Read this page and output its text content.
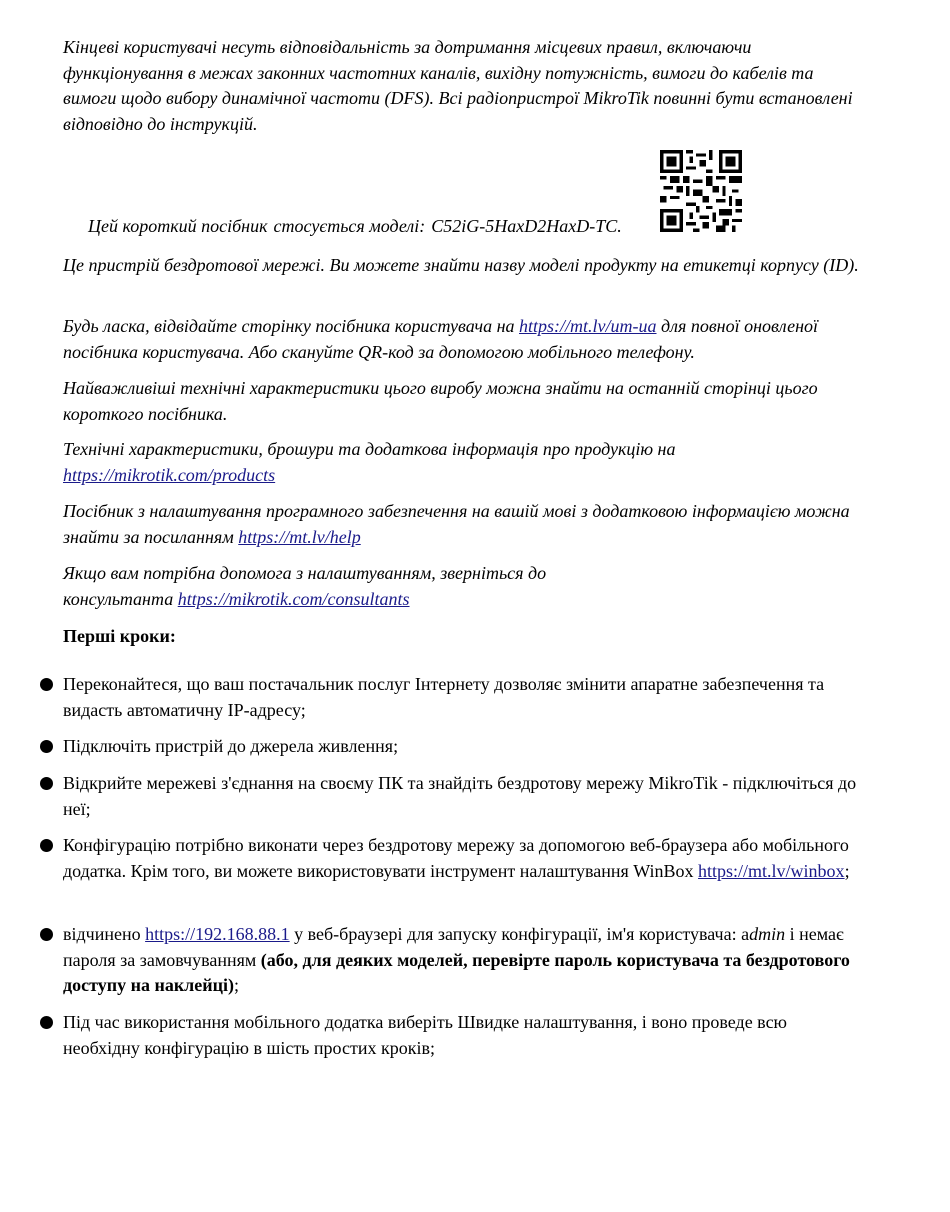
Кінцеві користувачі несуть відповідальність за дотримання місцевих правил, включаючи функціонування в межах законних частотних каналів, вихідну потужність, вимоги до кабелів та вимоги щодо вибору динамічної частоти (DFS). Всі радіопристрої MikroTik повинні бути встановлені відповідно до інструкцій.

Цей короткий посібник стосується моделі: C52iG-5HaxD2HaxD-TC.

Це пристрій бездротової мережі. Ви можете знайти назву моделі продукту на етикетці корпусу (ID).

Будь ласка, відвідайте сторінку посібника користувача на https://mt.lv/um-ua для повної оновленої посібника користувача. Або скануйте QR-код за допомогою мобільного телефону.

Найважливіші технічні характеристики цього виробу можна знайти на останній сторінці цього короткого посібника.

Технічні характеристики, брошури та додаткова інформація про продукцію на https://mikrotik.com/products

Посібник з налаштування програмного забезпечення на вашій мові з додатковою інформацією можна знайти за посиланням https://mt.lv/help

Якщо вам потрібна допомога з налаштуванням, зверніться до консультанта https://mikrotik.com/consultants

Перші кроки:

Переконайтеся, що ваш постачальник послуг Інтернету дозволяє змінити апаратне забезпечення та видасть автоматичну IP-адресу;

Підключіть пристрій до джерела живлення;

Відкрийте мережеві з'єднання на своєму ПК та знайдіть бездротову мережу MikroTik - підключіться до неї;

Конфігурацію потрібно виконати через бездротову мережу за допомогою веб-браузера або мобільного додатка. Крім того, ви можете використовувати інструмент налаштування WinBox https://mt.lv/winbox;

відчинено https://192.168.88.1 у веб-браузері для запуску конфігурації, ім'я користувача: admin і немає пароля за замовчуванням (або, для деяких моделей, перевірте пароль користувача та бездротового доступу на наклейці);

Під час використання мобільного додатка виберіть Швидке налаштування, і воно проведе всю необхідну конфігурацію в шість простих кроків;
